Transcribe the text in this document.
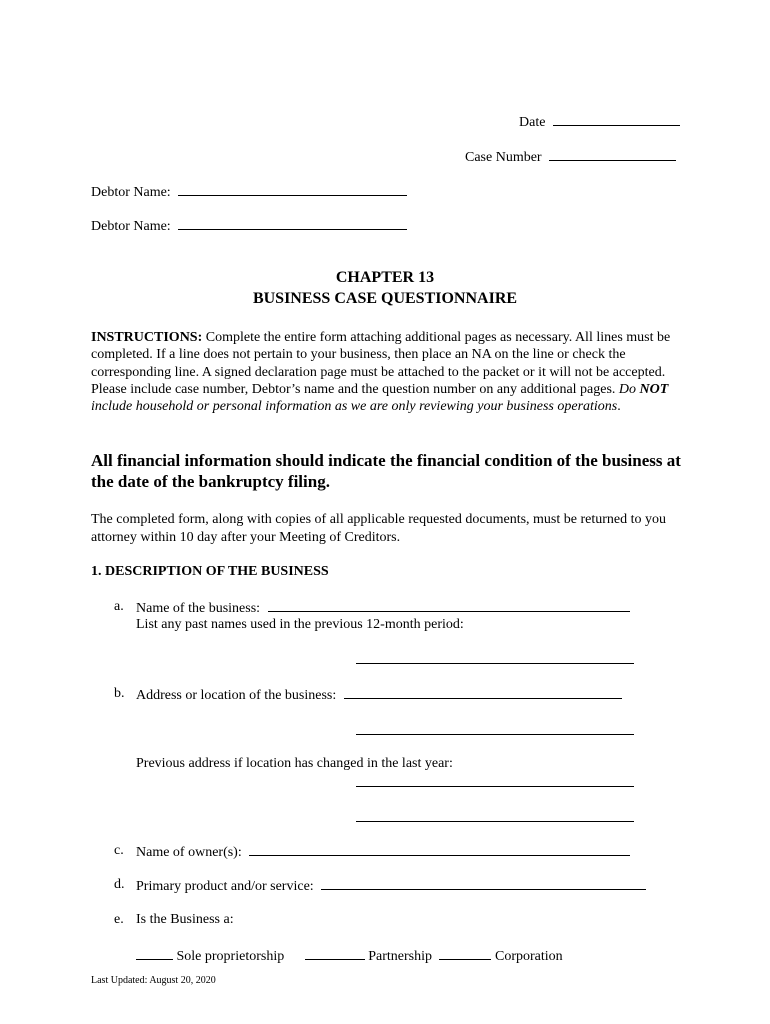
Date
Case Number
Debtor Name:
Debtor Name:
CHAPTER 13
BUSINESS CASE QUESTIONNAIRE
INSTRUCTIONS: Complete the entire form attaching additional pages as necessary. All lines must be completed. If a line does not pertain to your business, then place an NA on the line or check the corresponding line. A signed declaration page must be attached to the packet or it will not be accepted. Please include case number, Debtor’s name and the question number on any additional pages. Do NOT include household or personal information as we are only reviewing your business operations.
All financial information should indicate the financial condition of the business at the date of the bankruptcy filing.
The completed form, along with copies of all applicable requested documents, must be returned to you attorney within 10 day after your Meeting of Creditors.
1. DESCRIPTION OF THE BUSINESS
a. Name of the business:
List any past names used in the previous 12-month period:
b. Address or location of the business:
Previous address if location has changed in the last year:
c. Name of owner(s):
d. Primary product and/or service:
e. Is the Business a:
Sole proprietorship	Partnership	Corporation
Last Updated: August 20, 2020
